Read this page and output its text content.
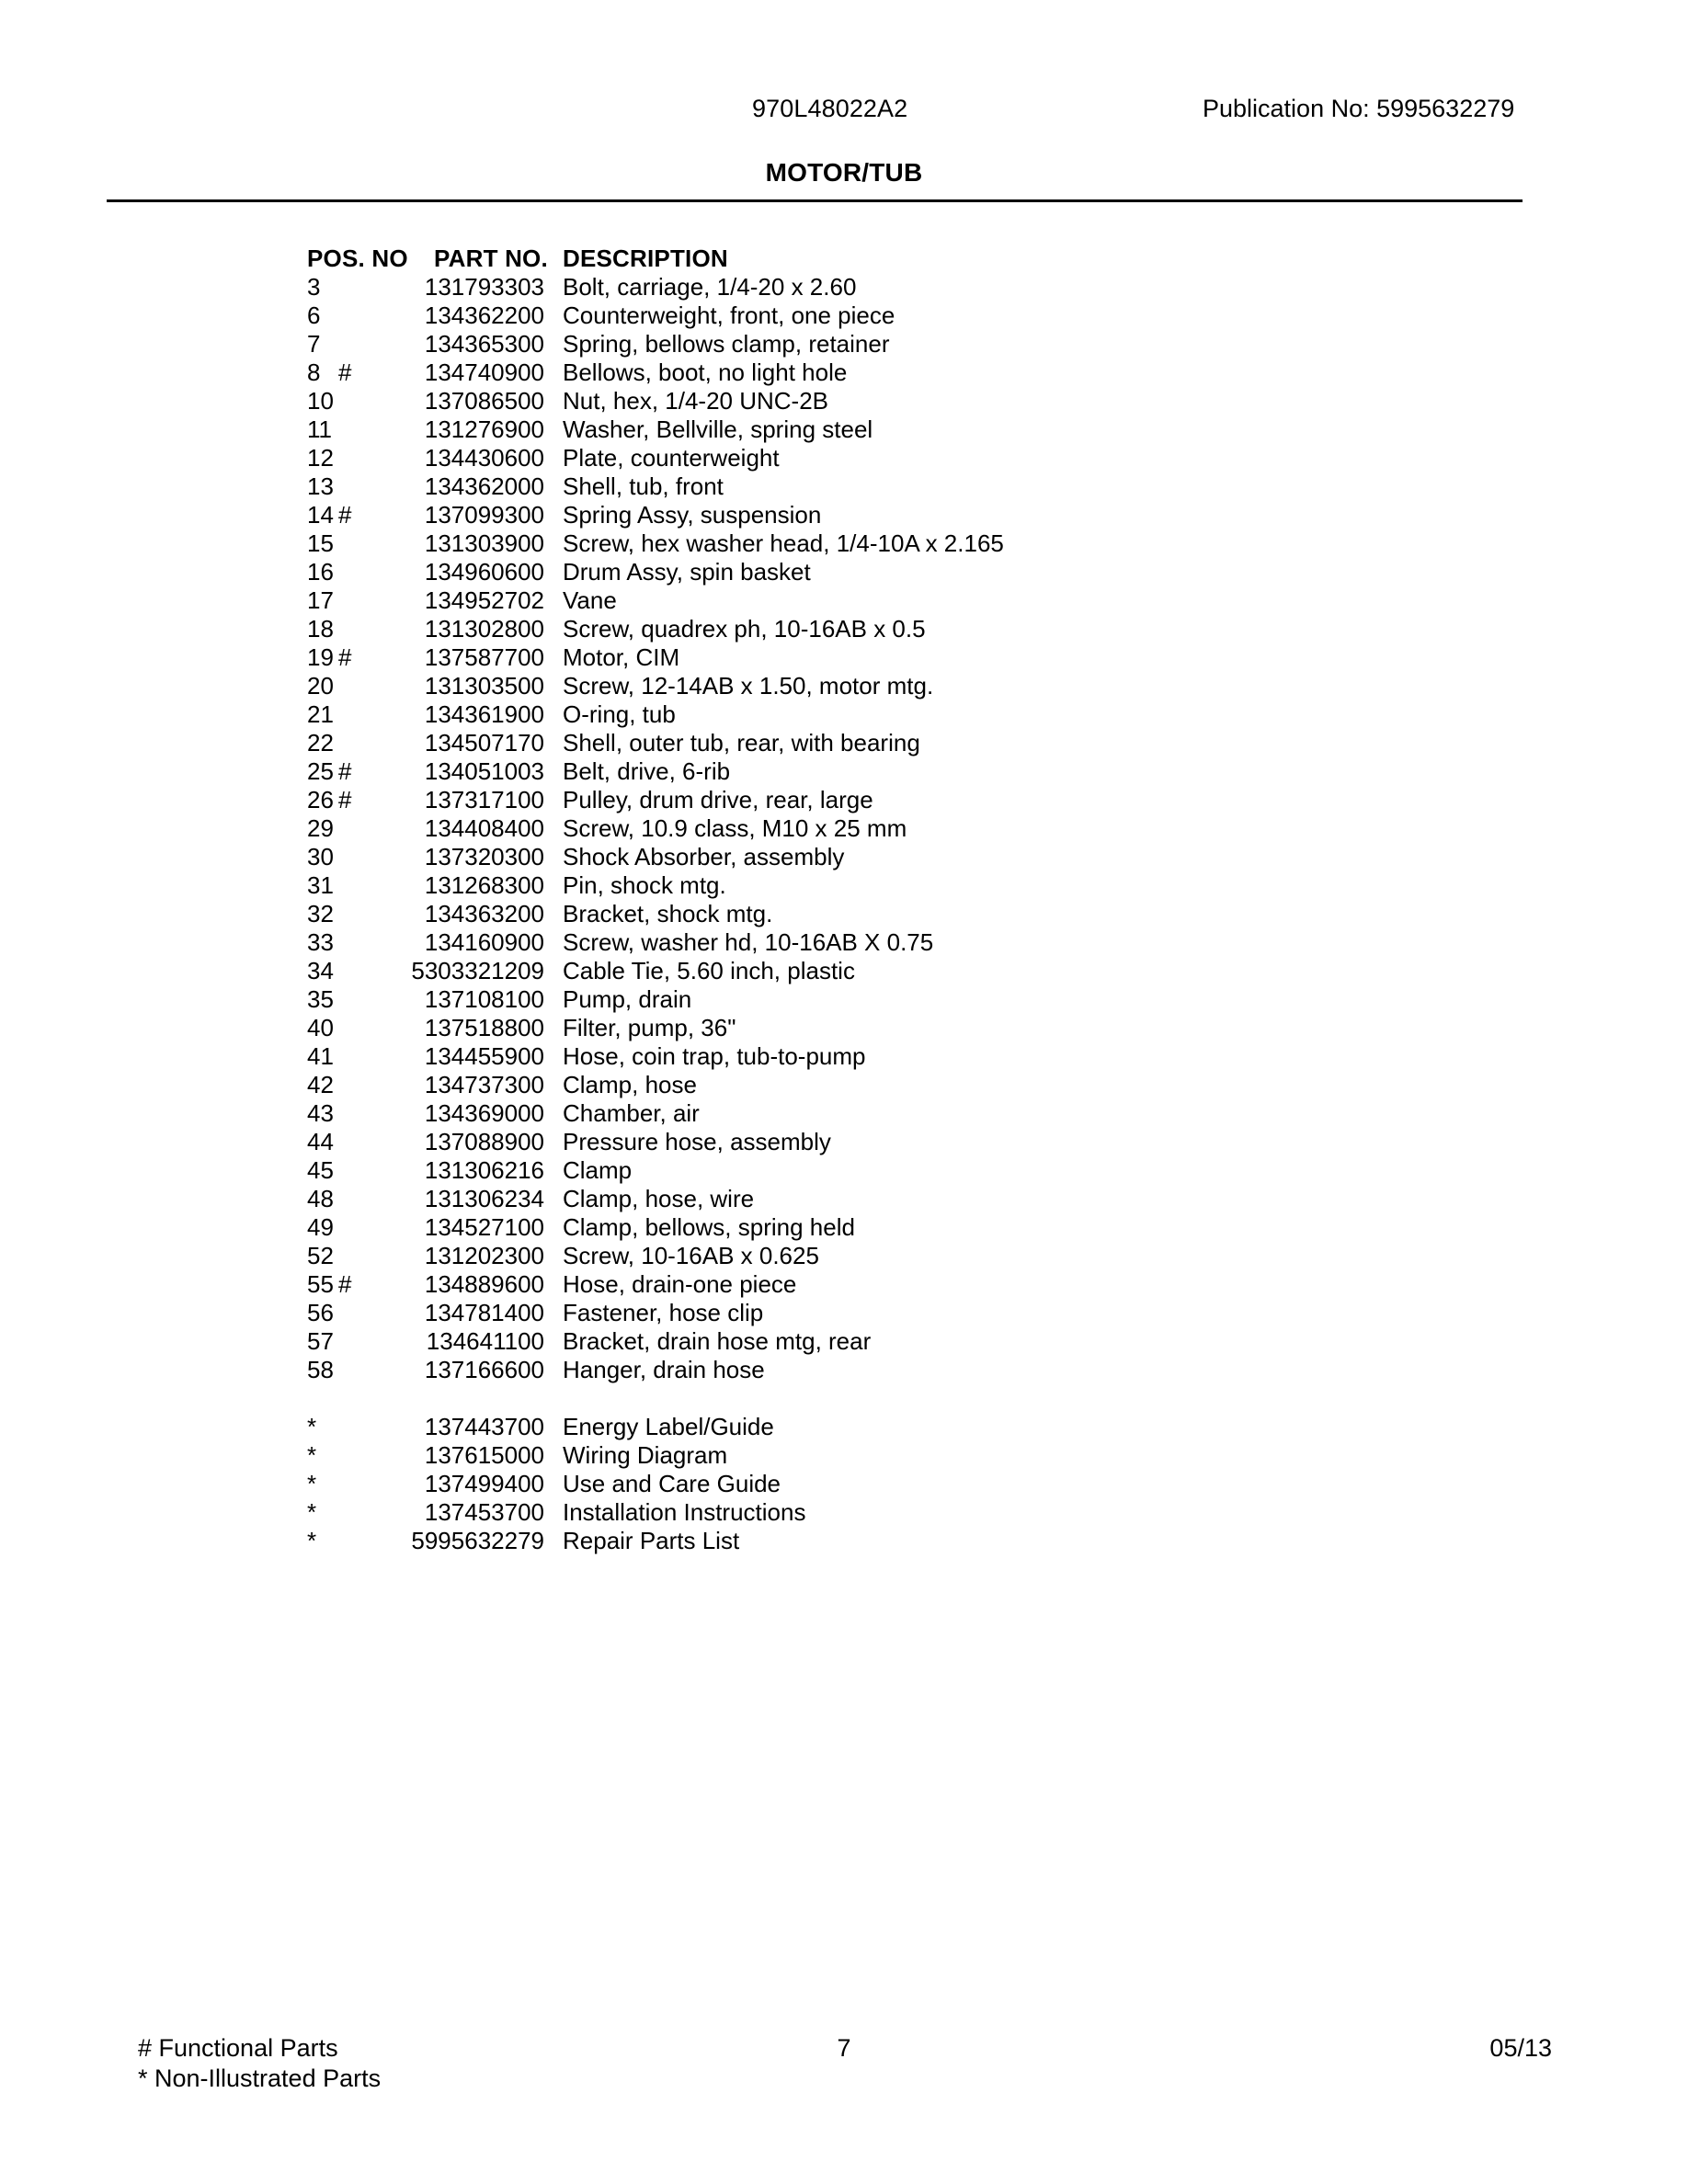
970L48022A2	Publication No: 5995632279
MOTOR/TUB
POS. NO	PART NO. DESCRIPTION
3	131793303 Bolt, carriage, 1/4-20 x 2.60
6	134362200 Counterweight, front, one piece
7	134365300 Spring, bellows clamp, retainer
8 #	134740900 Bellows, boot, no light hole
10	137086500 Nut, hex, 1/4-20 UNC-2B
11	131276900 Washer, Bellville, spring steel
12	134430600 Plate, counterweight
13	134362000 Shell, tub, front
14 #	137099300 Spring Assy, suspension
15	131303900 Screw, hex washer head, 1/4-10A x 2.165
16	134960600 Drum Assy, spin basket
17	134952702 Vane
18	131302800 Screw, quadrex ph, 10-16AB x 0.5
19 #	137587700 Motor, CIM
20	131303500 Screw, 12-14AB x 1.50, motor mtg.
21	134361900 O-ring, tub
22	134507170 Shell, outer tub, rear, with bearing
25 #	134051003 Belt, drive, 6-rib
26 #	137317100 Pulley, drum drive, rear, large
29	134408400 Screw, 10.9 class, M10 x 25 mm
30	137320300 Shock Absorber, assembly
31	131268300 Pin, shock mtg.
32	134363200 Bracket, shock mtg.
33	134160900 Screw, washer hd, 10-16AB X 0.75
34	5303321209 Cable Tie, 5.60 inch, plastic
35	137108100 Pump, drain
40	137518800 Filter, pump, 36"
41	134455900 Hose, coin trap, tub-to-pump
42	134737300 Clamp, hose
43	134369000 Chamber, air
44	137088900 Pressure hose, assembly
45	131306216 Clamp
48	131306234 Clamp, hose, wire
49	134527100 Clamp, bellows, spring held
52	131202300 Screw, 10-16AB x 0.625
55 #	134889600 Hose, drain-one piece
56	134781400 Fastener, hose clip
57	134641100 Bracket, drain hose mtg, rear
58	137166600 Hanger, drain hose
*	137443700 Energy Label/Guide
*	137615000 Wiring Diagram
*	137499400 Use and Care Guide
*	137453700 Installation Instructions
*	5995632279 Repair Parts List
# Functional Parts
* Non-Illustrated Parts
7	05/13
